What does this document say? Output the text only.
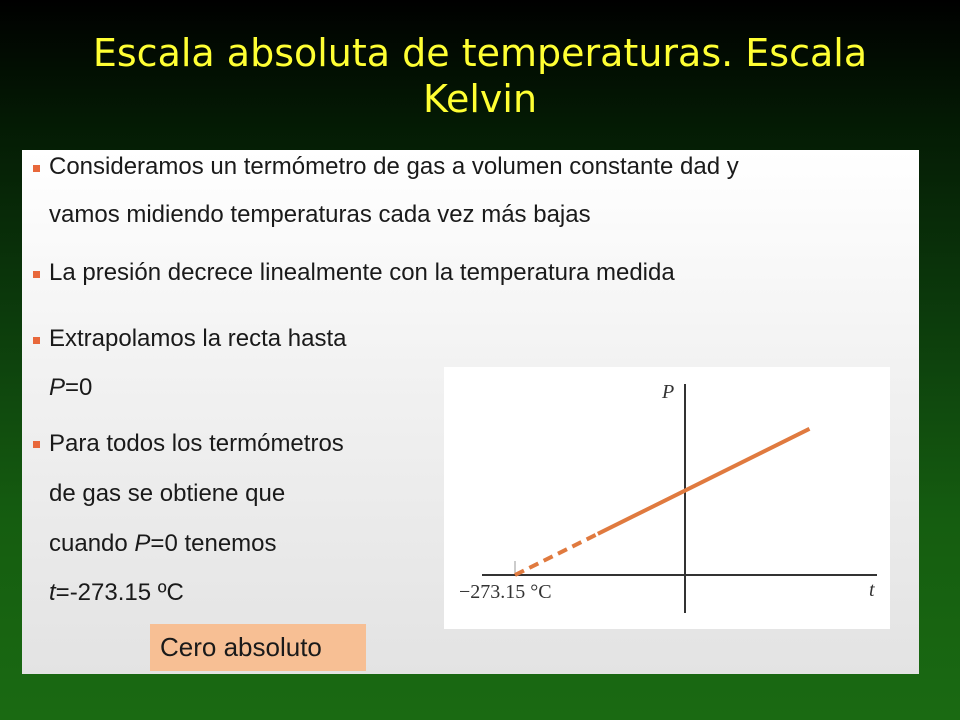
Escala absoluta de temperaturas. Escala
Kelvin
Consideramos un termómetro de gas a volumen constante dad y
vamos midiendo temperaturas cada vez más bajas
La presión decrece linealmente con la temperatura medida
Extrapolamos la recta hasta
P=0
Para todos los termómetros
de gas se obtiene que
cuando P=0 tenemos
t=-273.15 ºC
P
t
−273.15 °C
Cero absoluto
